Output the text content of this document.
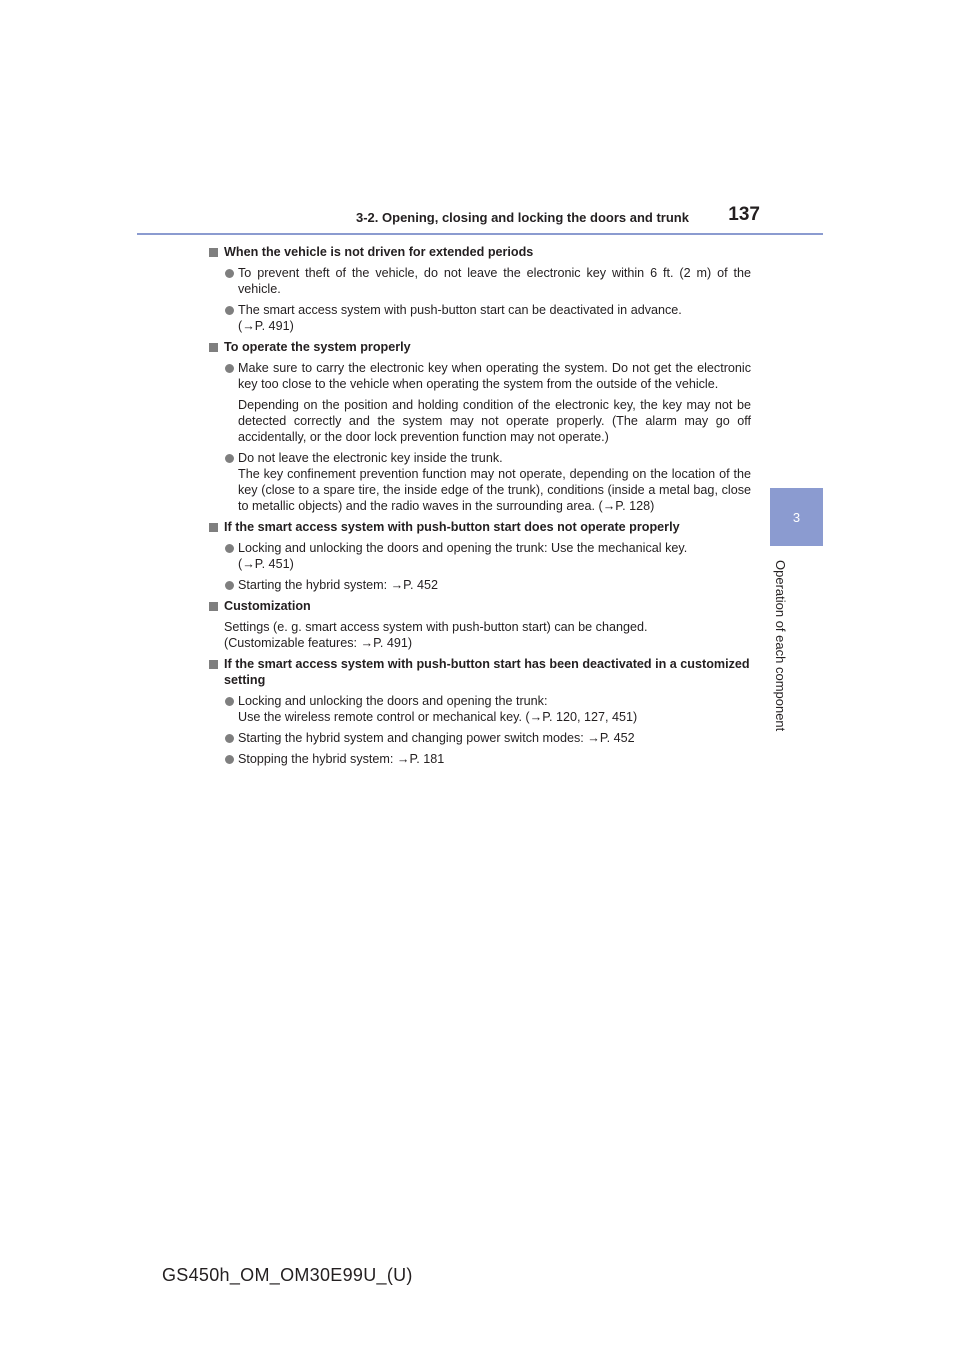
3-2. Opening, closing and locking the doors and trunk 137
3
Operation of each component
When the vehicle is not driven for extended periods
To prevent theft of the vehicle, do not leave the electronic key within 6 ft. (2 m) of the vehicle.
The smart access system with push-button start can be deactivated in advance.
(→P. 491)
To operate the system properly
Make sure to carry the electronic key when operating the system. Do not get the electronic key too close to the vehicle when operating the system from the outside of the vehicle.
Depending on the position and holding condition of the electronic key, the key may not be detected correctly and the system may not operate properly. (The alarm may go off accidentally, or the door lock prevention function may not operate.)
Do not leave the electronic key inside the trunk.
The key confinement prevention function may not operate, depending on the location of the key (close to a spare tire, the inside edge of the trunk), conditions (inside a metal bag, close to metallic objects) and the radio waves in the surrounding area. (→P. 128)
If the smart access system with push-button start does not operate properly
Locking and unlocking the doors and opening the trunk: Use the mechanical key.
(→P. 451)
Starting the hybrid system: →P. 452
Customization
Settings (e. g. smart access system with push-button start) can be changed.
(Customizable features: →P. 491)
If the smart access system with push-button start has been deactivated in a customized setting
Locking and unlocking the doors and opening the trunk:
Use the wireless remote control or mechanical key. (→P. 120, 127, 451)
Starting the hybrid system and changing power switch modes: →P. 452
Stopping the hybrid system: →P. 181
GS450h_OM_OM30E99U_(U)
